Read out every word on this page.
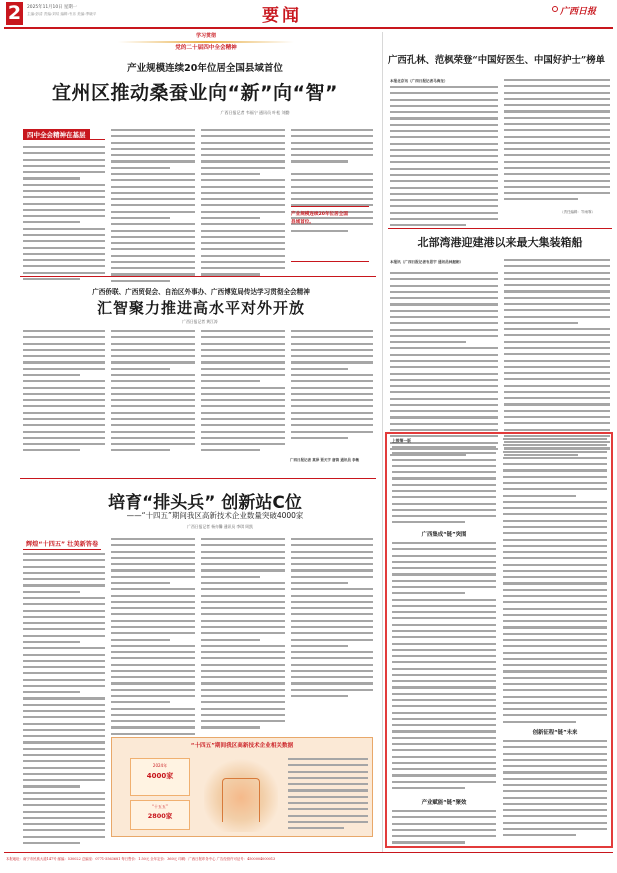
2	2025年11月10日 星期一
主编:彭清 责编:刘琰 编辑:韦乐 美编:季晓平	要闻	广西日报
学习贯彻
党的二十届四中全会精神
产业规模连续20年位居全国县域首位
宜州区推动桑蚕业向“新”向“智”
广西日报记者 韦福宁 通讯员 叶松 刘勤
四中全会精神在基层
产业规模连续20年位居全国
县域首位。
广西侨联、广西贸促会、自治区外事办、广西博览局传达学习贯彻全会精神
汇智聚力推进高水平对外开放
广西日报记者 黄江涛
广西日报记者 莫泽 贾天宇 唐茵 通讯员 李敏
培育“排头兵” 创新站C位
——“十四五”期间我区高新技术企业数量突破4000家
广西日报记者 杨亦馨 通讯员 李琪 周凯
辉煌“十四五” 壮美新答卷
“十四五”期间我区高新技术企业相关数据
2024年
4000家
“十五五”
2800家
广西孔林、范枫荣登“中国好医生、中国好护士”榜单
本报北京讯（广西日报记者马海龙）
（责任编辑：岑雨霏）
北部湾港迎建港以来最大集装箱船
本报讯（广西日报记者韦思宇 通讯员林振彬）
上接第一版
广西集成“链”突围
产业赋能“链”聚效
创新征程“链”未来
本报地址：南宁市民族大道147号 邮编：530022 总编室：0771-5563681 每日售价：1.50元 全年定价：360元 印刷：广西日报印务中心 广告经营许可证号：4500004000013
